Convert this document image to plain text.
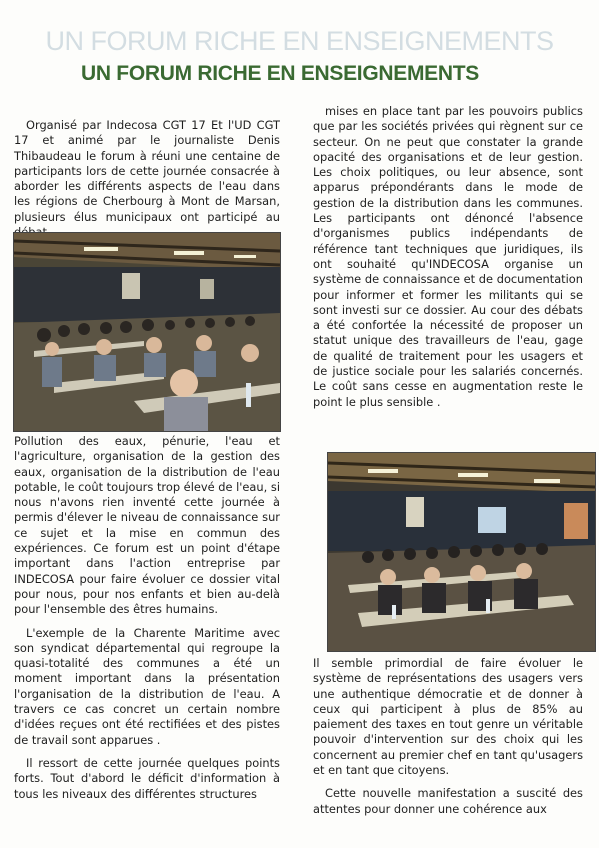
UN FORUM RICHE EN ENSEIGNEMENTS
UN FORUM RICHE EN ENSEIGNEMENTS

Organisé par Indecosa CGT 17 Et l'UD CGT 17 et animé par le journaliste Denis Thibaudeau le forum à réuni une centaine de participants lors de cette journée consacrée à aborder les différents aspects de l'eau dans les régions de Cherbourg à Mont de Marsan, plusieurs élus municipaux ont participé au

Pollution des eaux, pénurie, l'eau et l'agriculture, organisation de la gestion des eaux, organisation de la distribution de l'eau potable, le coût toujours trop élevé de l'eau, si nous n'avons rien inventé cette journée à permis d'élever le niveau de connaissance sur ce sujet et la mise en commun des expériences. Ce forum est un point d'étape important dans l'action entreprise par INDECOSA pour faire évoluer ce dossier vital pour nous, pour nos enfants et bien au-delà pour l'ensemble des êtres humains.

L'exemple de la Charente Maritime avec son syndicat départemental qui regroupe la quasi-totalité des communes a été un moment important dans la présentation l'organisation de la distribution de l'eau. A travers ce cas concret un certain nombre d'idées reçues ont été rectifiées et des pistes de travail sont apparues .

Il ressort de cette journée quelques points forts. Tout d'abord le déficit d'information à tous les niveaux des différentes structures

mises en place tant par les pouvoirs publics que par les sociétés privées qui règnent sur ce secteur. On ne peut que constater la grande opacité des organisations et de leur gestion. Les choix politiques, ou leur absence, sont apparus prépondérants dans le mode de gestion de la distribution dans les communes. Les participants ont dénoncé l'absence d'organismes publics indépendants de référence tant techniques que juridiques, ils ont souhaité qu'INDECOSA organise un système de connaissance et de documentation pour informer et former les militants qui se sont investi sur ce dossier. Au cour des débats a été confortée la nécessité de proposer un statut unique des travailleurs de l'eau, gage de qualité de traitement pour les usagers et de justice sociale pour les salariés concernés. Le coût sans cesse en augmentation reste le point le plus sensible .

Il semble primordial de faire évoluer le système de représentations des usagers vers une authentique démocratie et de donner à ceux qui participent à plus de 85% au paiement des taxes en tout genre un véritable pouvoir d'intervention sur des choix qui les concernent au premier chef en tant qu'usagers et en tant que citoyens.

Cette nouvelle manifestation a suscité des attentes pour donner une cohérence aux
